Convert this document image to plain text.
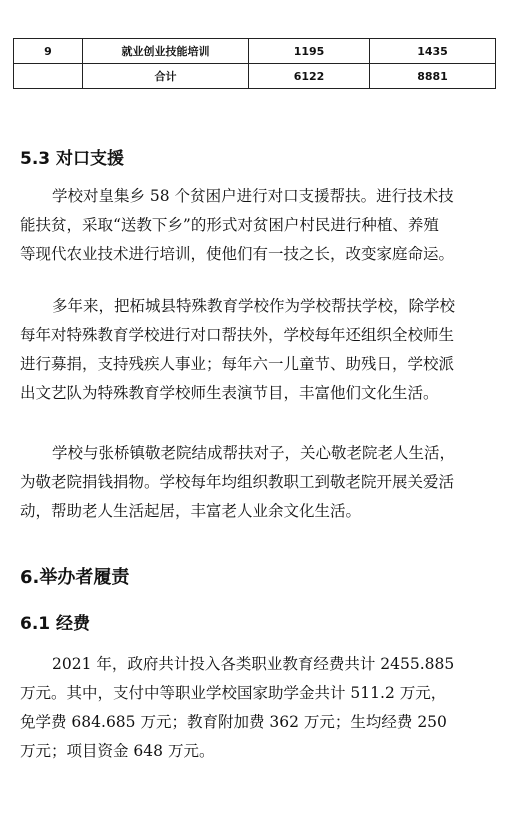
9	就业创业技能培训	1195	1435
	合计	6122	8881
5.3 对口支援

学校对皇集乡 58 个贫困户进行对口支援帮扶。进行技术技
能扶贫，采取“送教下乡”的形式对贫困户村民进行种植、养殖
等现代农业技术进行培训，使他们有一技之长，改变家庭命运。

多年来，把柘城县特殊教育学校作为学校帮扶学校，除学校
每年对特殊教育学校进行对口帮扶外，学校每年还组织全校师生
进行募捐，支持残疾人事业；每年六一儿童节、助残日，学校派
出文艺队为特殊教育学校师生表演节目，丰富他们文化生活。

学校与张桥镇敬老院结成帮扶对子，关心敬老院老人生活，
为敬老院捐钱捐物。学校每年均组织教职工到敬老院开展关爱活
动，帮助老人生活起居，丰富老人业余文化生活。

6.举办者履责
6.1 经费

2021 年，政府共计投入各类职业教育经费共计 2455.885
万元。其中，支付中等职业学校国家助学金共计 511.2 万元，
免学费 684.685 万元；教育附加费 362 万元；生均经费 250
万元；项目资金 648 万元。
